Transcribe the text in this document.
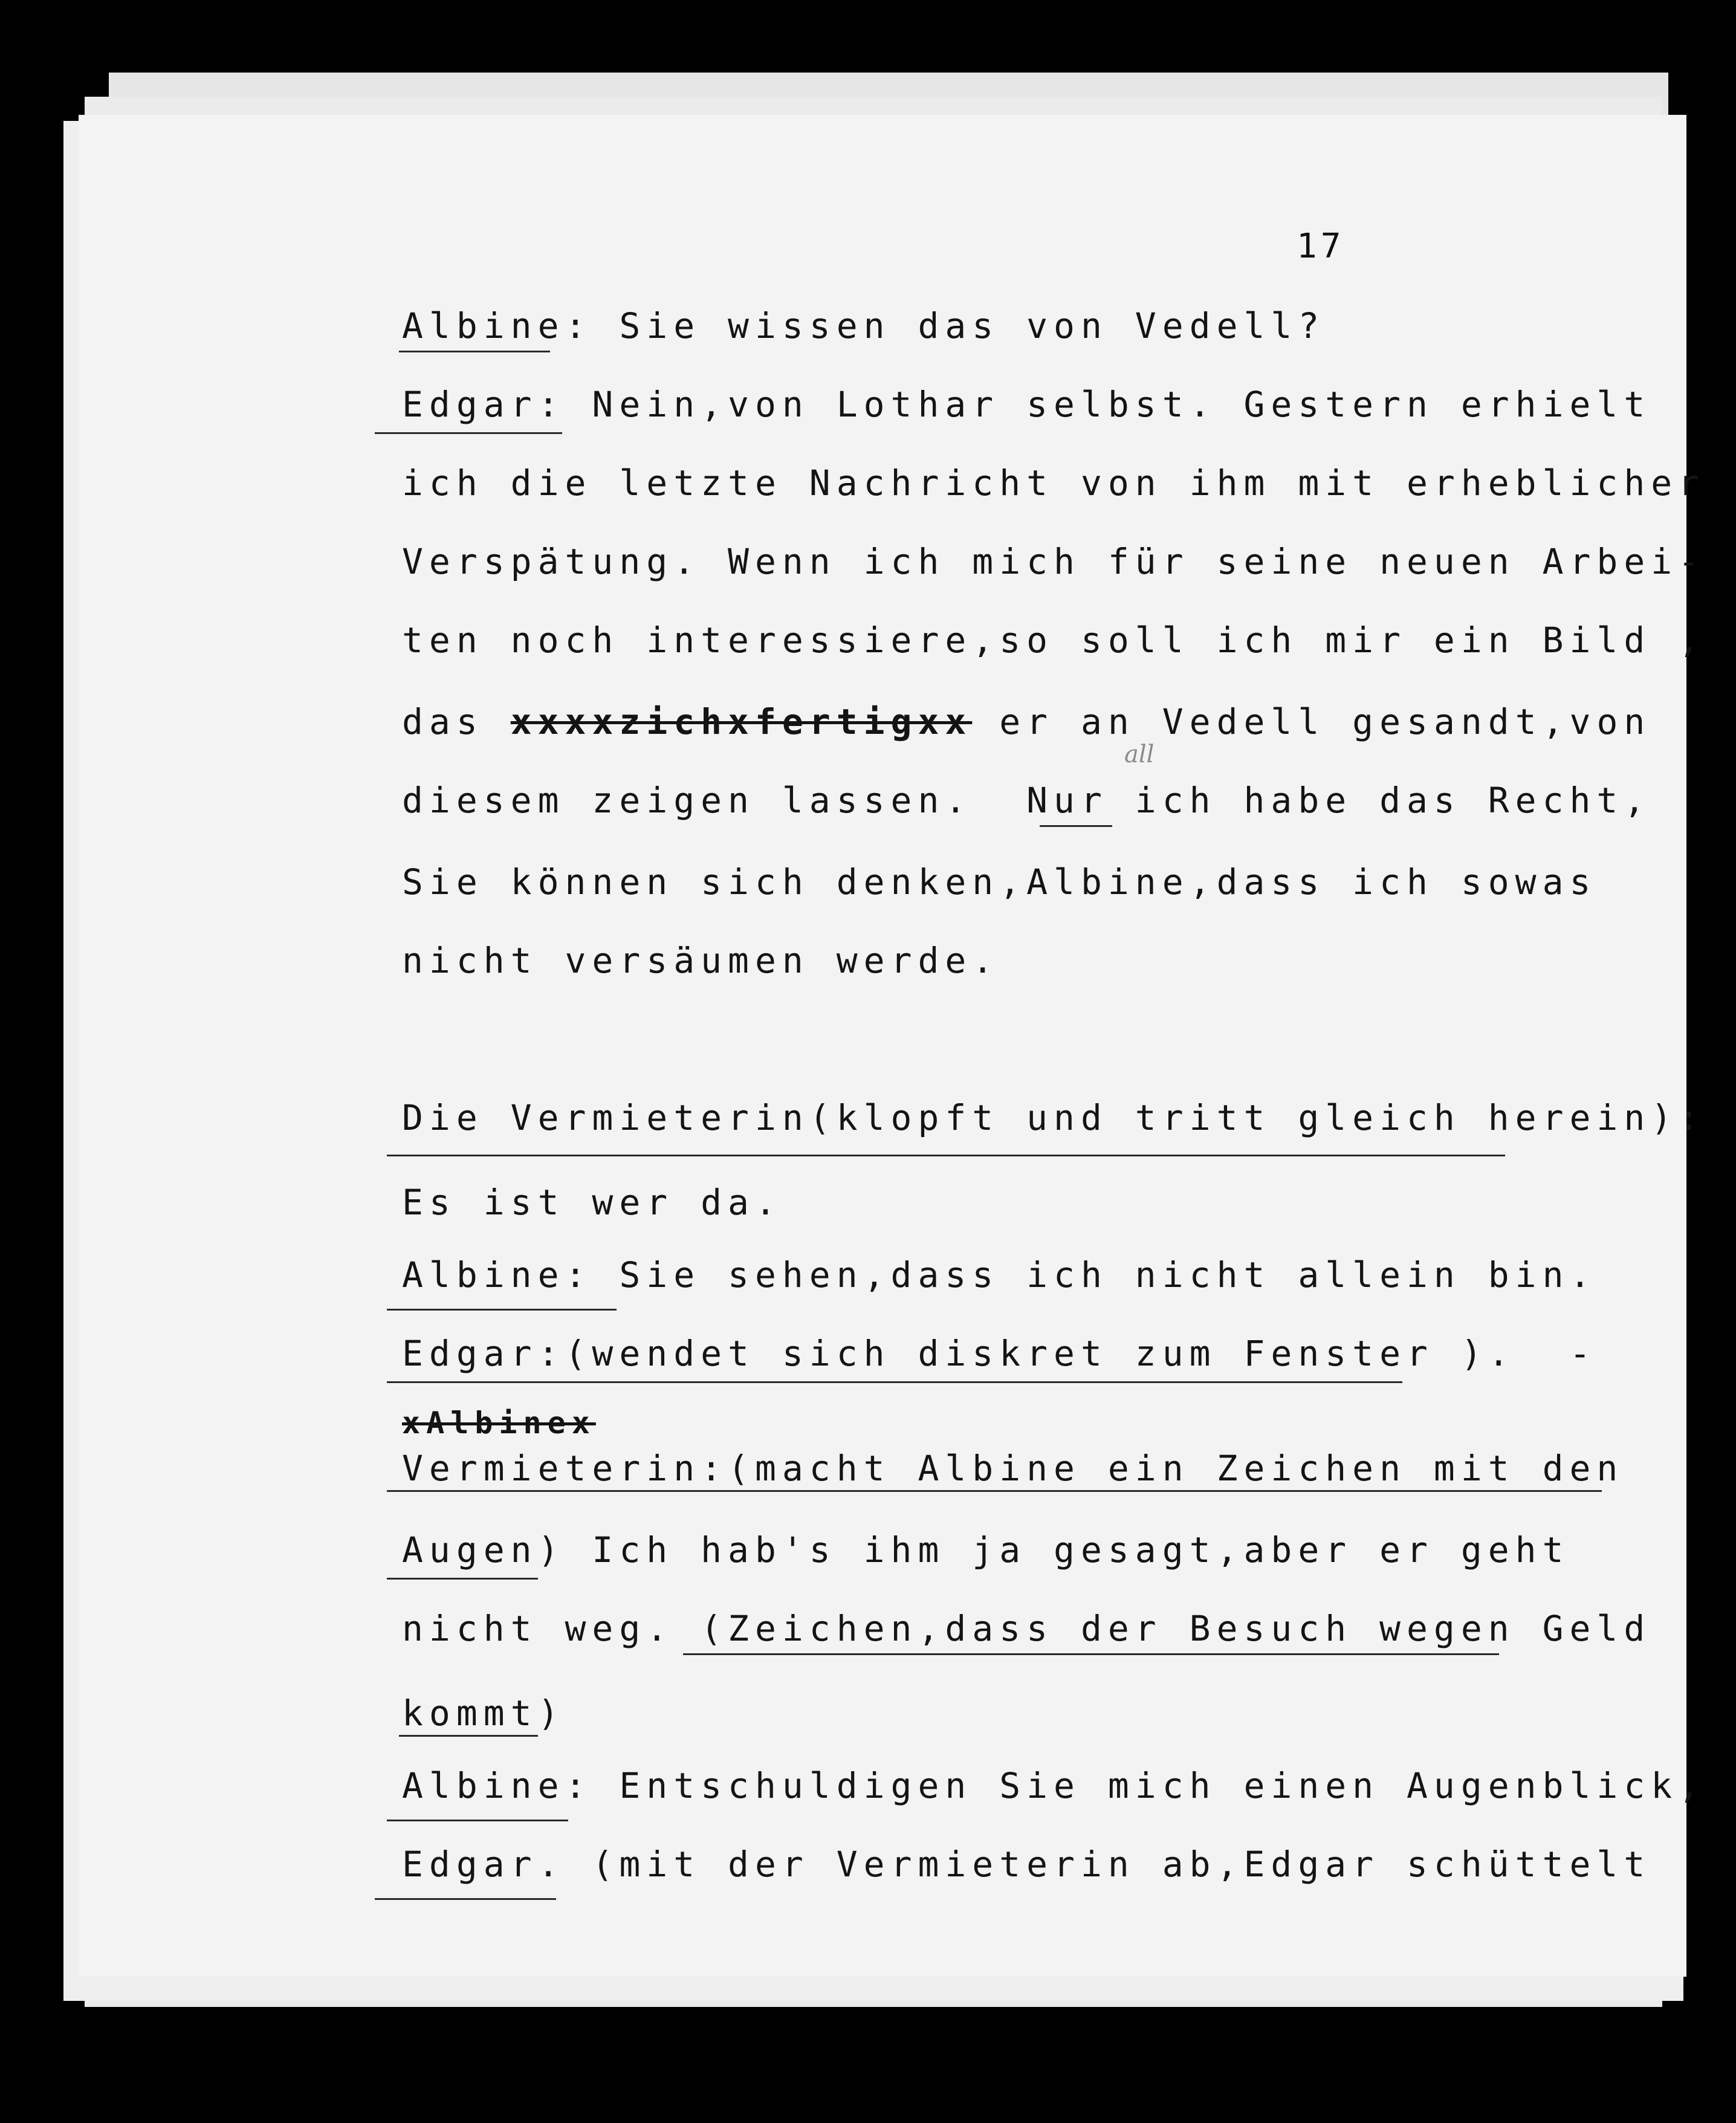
17
Albine: Sie wissen das von Vedell?
Edgar: Nein,von Lothar selbst. Gestern erhielt
ich die letzte Nachricht von ihm mit erheblicher
Verspätung. Wenn ich mich für seine neuen Arbei-
ten noch interessiere,so soll ich mir ein Bild ,
das xxxxzichxfertigxx er an Vedell gesandt,von
all
diesem zeigen lassen.  Nur ich habe das Recht,
Sie können sich denken,Albine,dass ich sowas
nicht versäumen werde.
Die Vermieterin(klopft und tritt gleich herein):
Es ist wer da.
Albine: Sie sehen,dass ich nicht allein bin.
Edgar:(wendet sich diskret zum Fenster ).  -
xAlbinex
Vermieterin:(macht Albine ein Zeichen mit den
Augen) Ich hab's ihm ja gesagt,aber er geht
nicht weg. (Zeichen,dass der Besuch wegen Geld
kommt)
Albine: Entschuldigen Sie mich einen Augenblick,
Edgar. (mit der Vermieterin ab,Edgar schüttelt
